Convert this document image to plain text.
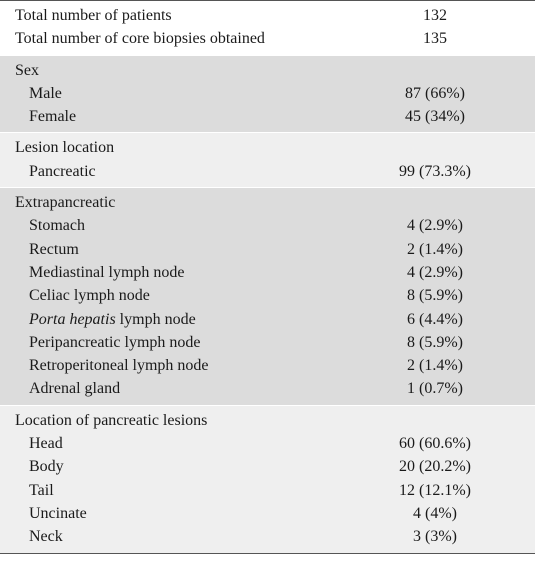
Total number of patients	132
Total number of core biopsies obtained	135
Sex
Male	87 (66%)
Female	45 (34%)
Lesion location
Pancreatic	99 (73.3%)
Extrapancreatic
Stomach	4 (2.9%)
Rectum	2 (1.4%)
Mediastinal lymph node	4 (2.9%)
Celiac lymph node	8 (5.9%)
Porta hepatis lymph node	6 (4.4%)
Peripancreatic lymph node	8 (5.9%)
Retroperitoneal lymph node	2 (1.4%)
Adrenal gland	1 (0.7%)
Location of pancreatic lesions
Head	60 (60.6%)
Body	20 (20.2%)
Tail	12 (12.1%)
Uncinate	4 (4%)
Neck	3 (3%)
